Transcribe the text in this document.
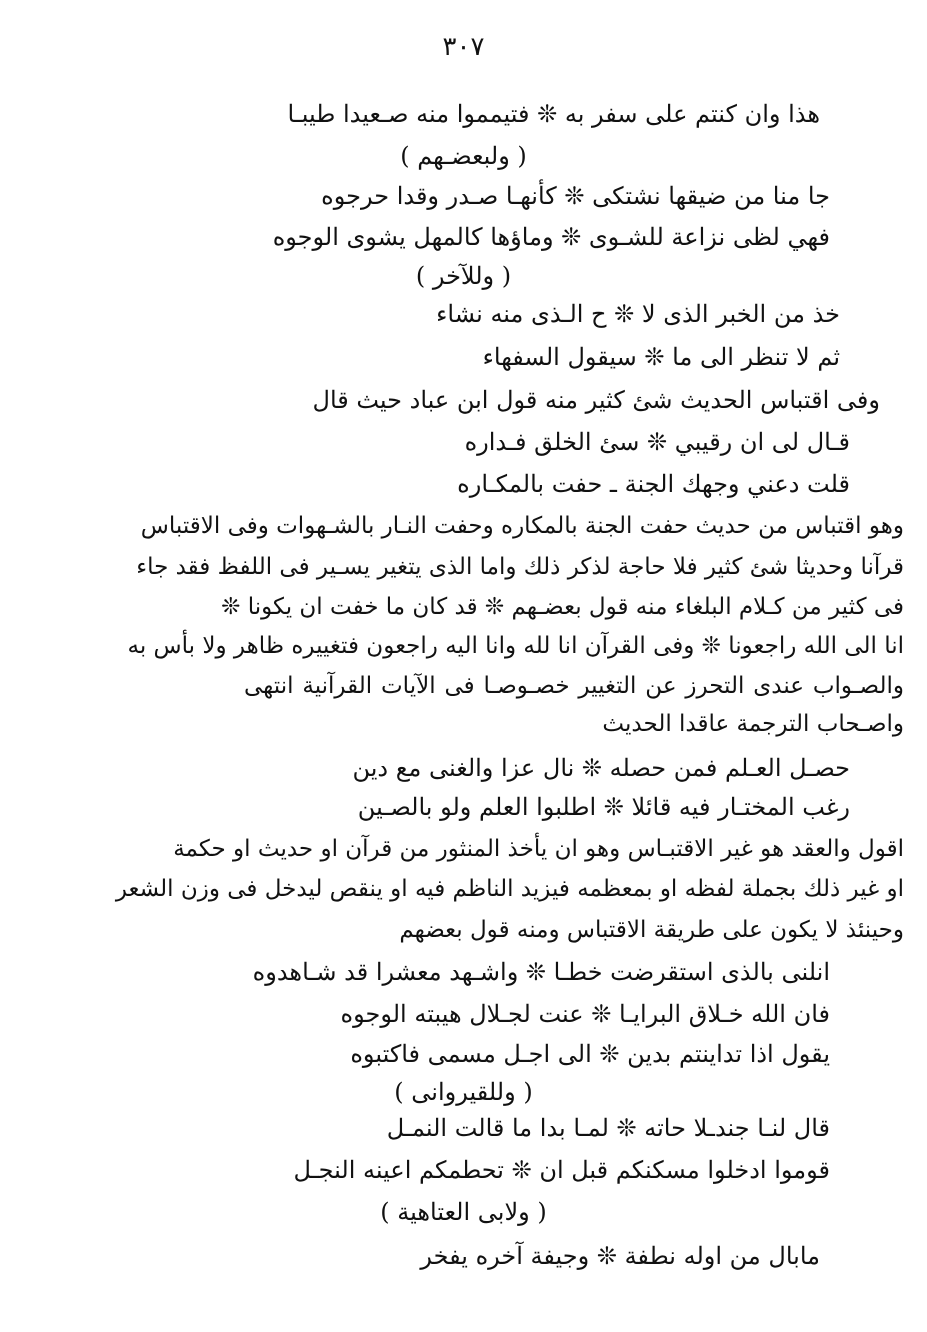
٣٠٧
هذا وان كنتم على سفر به ❊ فتيمموا منه صـعيدا طيبـا
( ولبعضـهم )
جا منا من ضيقها نشتكى ❊ كأنهـا صـدر وقدا حرجوه
فهي لظى نزاعة للشـوى ❊ وماؤها كالمهل يشوى الوجوه
( وللآخر )
خذ من الخبر الذى لا ❊ ح الـذى منه نشاء
ثم لا تنظر الى ما ❊ سيقول السفهاء
وفى اقتباس الحديث شئ كثير منه قول ابن عباد حيث قال
قـال لى ان رقيبي ❊ سئ الخلق فـداره
قلت دعني وجهك الجنة ـ حفت بالمكـاره
وهو اقتباس من حديث حفت الجنة بالمكاره وحفت النـار بالشـهوات وفى الاقتباس
قرآنا وحديثا شئ كثير فلا حاجة لذكر ذلك واما الذى يتغير يسـير فى اللفظ فقد جاء
فى كثير من كـلام البلغاء منه قول بعضـهم ❊ قد كان ما خفت ان يكونا ❊
انا الى الله راجعونا ❊ وفى القرآن انا لله وانا اليه راجعون فتغييره ظاهر ولا بأس به
والصـواب عندى التحرز عن التغيير خصـوصـا فى الآيات القرآنية انتهى
واصـحاب الترجمة عاقدا الحديث
حصـل العـلم فمن حصله ❊ نال عزا والغنى مع دين
رغب المختـار فيه قائلا ❊ اطلبوا العلم ولو بالصـين
اقول والعقد هو غير الاقتبـاس وهو ان يأخذ المنثور من قرآن او حديث او حكمة
او غير ذلك بجملة لفظه او بمعظمه فيزيد الناظم فيه او ينقص ليدخل فى وزن الشعر
وحينئذ لا يكون على طريقة الاقتباس ومنه قول بعضهم
انلنى بالذى استقرضت خطـا ❊ واشـهد معشرا قد شـاهدوه
فان الله خـلاق البرايـا ❊ عنت لجـلال هيبته الوجوه
يقول اذا تداينتم بدين ❊ الى اجـل مسمى فاكتبوه
( وللقيروانى )
قال لنـا جندـلا حاته ❊ لمـا بدا ما قالت النمـل
قوموا ادخلوا مسكنكم قبل ان ❊ تحطمكم اعينه النجـل
( ولابى العتاهية )
مابال من اوله نطفة ❊ وجيفة آخره يفخر
